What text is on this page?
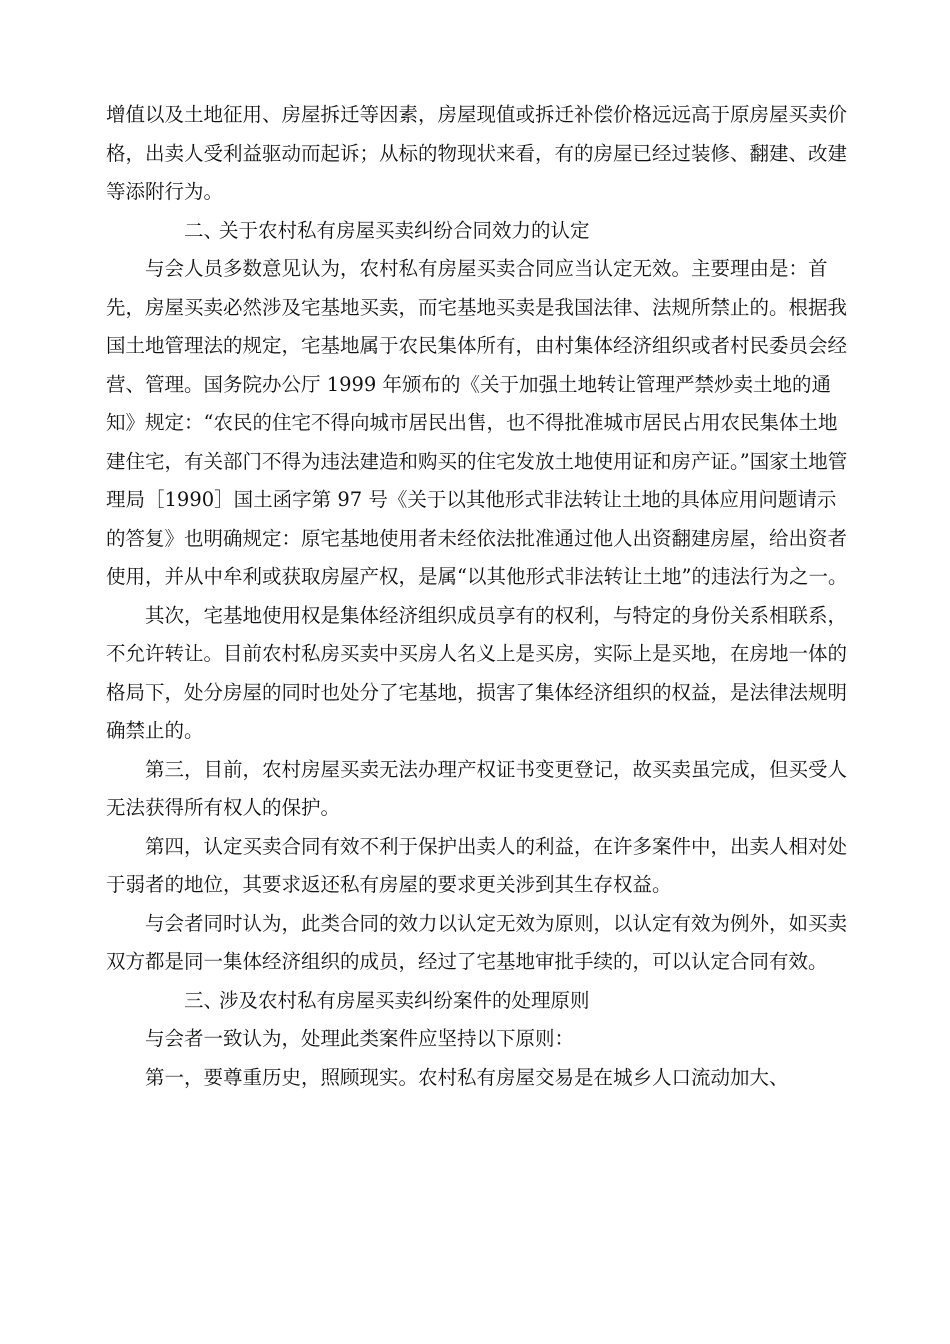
增值以及土地征用、房屋拆迁等因素，房屋现值或拆迁补偿价格远远高于原房屋买卖价格，出卖人受利益驱动而起诉；从标的物现状来看，有的房屋已经过装修、翻建、改建等添附行为。

二、关于农村私有房屋买卖纠纷合同效力的认定

与会人员多数意见认为，农村私有房屋买卖合同应当认定无效。主要理由是：首先，房屋买卖必然涉及宅基地买卖，而宅基地买卖是我国法律、法规所禁止的。根据我国土地管理法的规定，宅基地属于农民集体所有，由村集体经济组织或者村民委员会经营、管理。国务院办公厅 1999 年颁布的《关于加强土地转让管理严禁炒卖土地的通知》规定：“农民的住宅不得向城市居民出售，也不得批准城市居民占用农民集体土地建住宅，有关部门不得为违法建造和购买的住宅发放土地使用证和房产证。”国家土地管理局［1990］国土函字第 97 号《关于以其他形式非法转让土地的具体应用问题请示的答复》也明确规定：原宅基地使用者未经依法批准通过他人出资翻建房屋，给出资者使用，并从中牟利或获取房屋产权，是属“以其他形式非法转让土地”的违法行为之一。

其次，宅基地使用权是集体经济组织成员享有的权利，与特定的身份关系相联系，不允许转让。目前农村私房买卖中买房人名义上是买房，实际上是买地，在房地一体的格局下，处分房屋的同时也处分了宅基地，损害了集体经济组织的权益，是法律法规明确禁止的。

第三，目前，农村房屋买卖无法办理产权证书变更登记，故买卖虽完成，但买受人无法获得所有权人的保护。

第四，认定买卖合同有效不利于保护出卖人的利益，在许多案件中，出卖人相对处于弱者的地位，其要求返还私有房屋的要求更关涉到其生存权益。

与会者同时认为，此类合同的效力以认定无效为原则，以认定有效为例外，如买卖双方都是同一集体经济组织的成员，经过了宅基地审批手续的，可以认定合同有效。

三、涉及农村私有房屋买卖纠纷案件的处理原则

与会者一致认为，处理此类案件应坚持以下原则：

第一，要尊重历史，照顾现实。农村私有房屋交易是在城乡人口流动加大、
